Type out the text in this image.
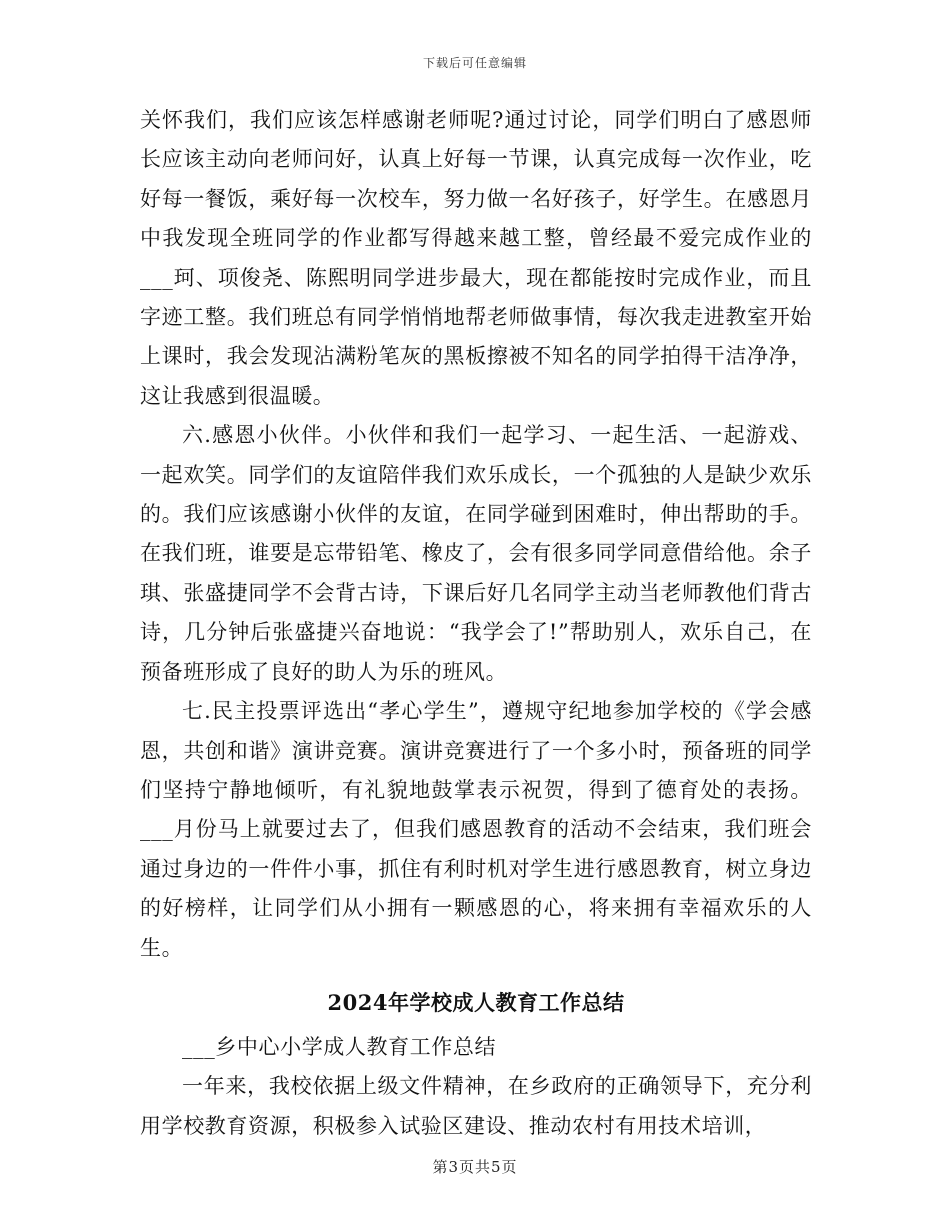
下载后可任意编辑

关怀我们，我们应该怎样感谢老师呢?通过讨论，同学们明白了感恩师长应该主动向老师问好，认真上好每一节课，认真完成每一次作业，吃好每一餐饭，乘好每一次校车，努力做一名好孩子，好学生。在感恩月中我发现全班同学的作业都写得越来越工整，曾经最不爱完成作业的___珂、项俊尧、陈熙明同学进步最大，现在都能按时完成作业，而且字迹工整。我们班总有同学悄悄地帮老师做事情，每次我走进教室开始上课时，我会发现沾满粉笔灰的黑板擦被不知名的同学拍得干洁净净，这让我感到很温暖。

六.感恩小伙伴。小伙伴和我们一起学习、一起生活、一起游戏、一起欢笑。同学们的友谊陪伴我们欢乐成长，一个孤独的人是缺少欢乐的。我们应该感谢小伙伴的友谊，在同学碰到困难时，伸出帮助的手。在我们班，谁要是忘带铅笔、橡皮了，会有很多同学同意借给他。余子琪、张盛捷同学不会背古诗，下课后好几名同学主动当老师教他们背古诗，几分钟后张盛捷兴奋地说：“我学会了!”帮助别人，欢乐自己，在预备班形成了良好的助人为乐的班风。

七.民主投票评选出“孝心学生”，遵规守纪地参加学校的《学会感恩，共创和谐》演讲竞赛。演讲竞赛进行了一个多小时，预备班的同学们坚持宁静地倾听，有礼貌地鼓掌表示祝贺，得到了德育处的表扬。___月份马上就要过去了，但我们感恩教育的活动不会结束，我们班会通过身边的一件件小事，抓住有利时机对学生进行感恩教育，树立身边的好榜样，让同学们从小拥有一颗感恩的心，将来拥有幸福欢乐的人生。

2024年学校成人教育工作总结

___乡中心小学成人教育工作总结

一年来，我校依据上级文件精神，在乡政府的正确领导下，充分利用学校教育资源，积极参入试验区建设、推动农村有用技术培训，

第3页共5页
